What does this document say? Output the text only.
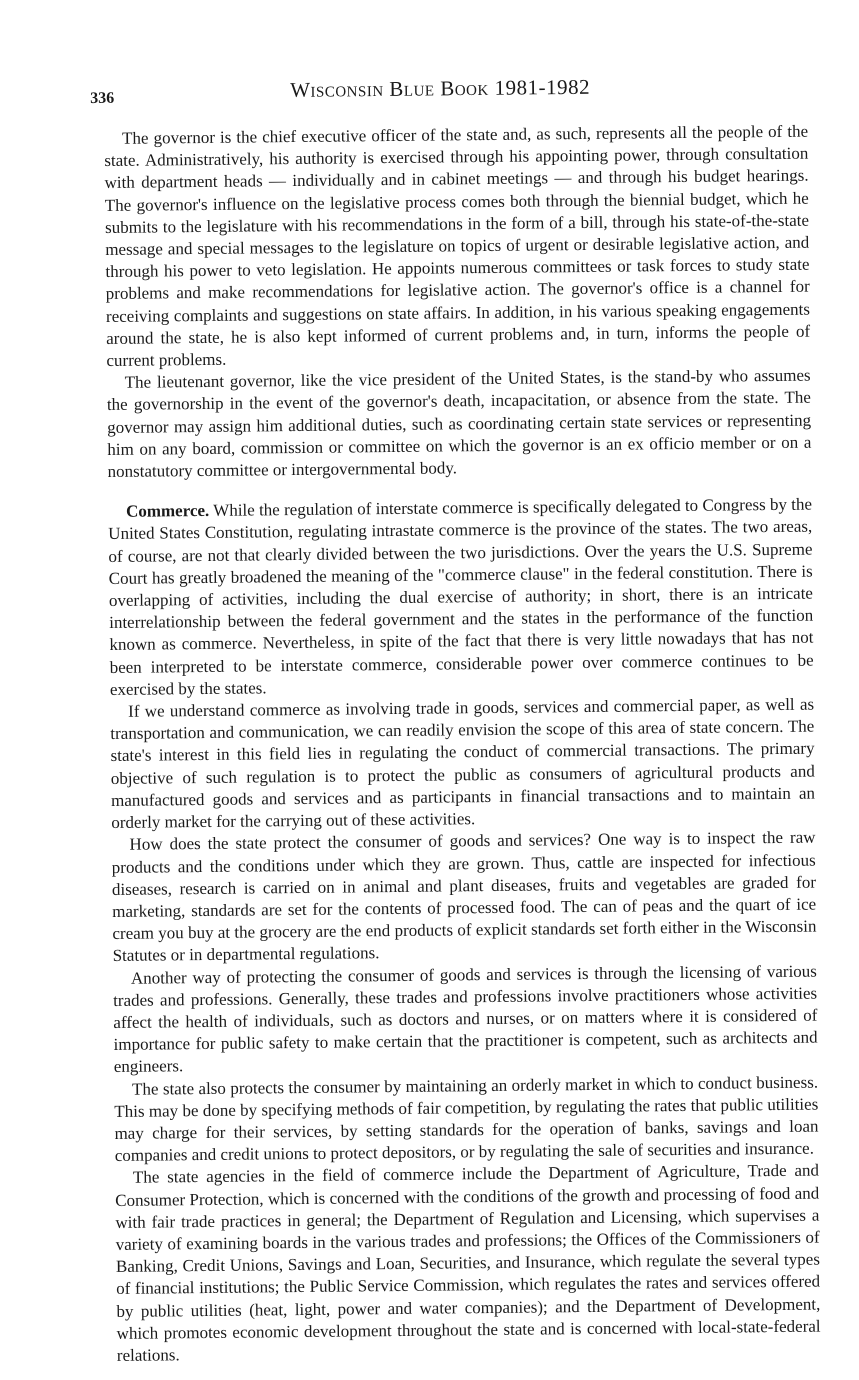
336	Wisconsin Blue Book 1981-1982

The governor is the chief executive officer of the state and, as such, represents all the people of the state. Administratively, his authority is exercised through his appointing power, through consultation with department heads — individually and in cabinet meetings — and through his budget hearings. The governor's influence on the legislative process comes both through the biennial budget, which he submits to the legislature with his recommendations in the form of a bill, through his state-of-the-state message and special messages to the legislature on topics of urgent or desirable legislative action, and through his power to veto legislation. He appoints numerous committees or task forces to study state problems and make recommendations for legislative action. The governor's office is a channel for receiving complaints and suggestions on state affairs. In addition, in his various speaking engagements around the state, he is also kept informed of current problems and, in turn, informs the people of current problems.

The lieutenant governor, like the vice president of the United States, is the stand-by who assumes the governorship in the event of the governor's death, incapacitation, or absence from the state. The governor may assign him additional duties, such as coordinating certain state services or representing him on any board, commission or committee on which the governor is an ex officio member or on a nonstatutory committee or intergovernmental body.

Commerce. While the regulation of interstate commerce is specifically delegated to Congress by the United States Constitution, regulating intrastate commerce is the province of the states. The two areas, of course, are not that clearly divided between the two jurisdictions. Over the years the U.S. Supreme Court has greatly broadened the meaning of the "commerce clause" in the federal constitution. There is overlapping of activities, including the dual exercise of authority; in short, there is an intricate interrelationship between the federal government and the states in the performance of the function known as commerce. Nevertheless, in spite of the fact that there is very little nowadays that has not been interpreted to be interstate commerce, considerable power over commerce continues to be exercised by the states.

If we understand commerce as involving trade in goods, services and commercial paper, as well as transportation and communication, we can readily envision the scope of this area of state concern. The state's interest in this field lies in regulating the conduct of commercial transactions. The primary objective of such regulation is to protect the public as consumers of agricultural products and manufactured goods and services and as participants in financial transactions and to maintain an orderly market for the carrying out of these activities.

How does the state protect the consumer of goods and services? One way is to inspect the raw products and the conditions under which they are grown. Thus, cattle are inspected for infectious diseases, research is carried on in animal and plant diseases, fruits and vegetables are graded for marketing, standards are set for the contents of processed food. The can of peas and the quart of ice cream you buy at the grocery are the end products of explicit standards set forth either in the Wisconsin Statutes or in departmental regulations.

Another way of protecting the consumer of goods and services is through the licensing of various trades and professions. Generally, these trades and professions involve practitioners whose activities affect the health of individuals, such as doctors and nurses, or on matters where it is considered of importance for public safety to make certain that the practitioner is competent, such as architects and engineers.

The state also protects the consumer by maintaining an orderly market in which to conduct business. This may be done by specifying methods of fair competition, by regulating the rates that public utilities may charge for their services, by setting standards for the operation of banks, savings and loan companies and credit unions to protect depositors, or by regulating the sale of securities and insurance.

The state agencies in the field of commerce include the Department of Agriculture, Trade and Consumer Protection, which is concerned with the conditions of the growth and processing of food and with fair trade practices in general; the Department of Regulation and Licensing, which supervises a variety of examining boards in the various trades and professions; the Offices of the Commissioners of Banking, Credit Unions, Savings and Loan, Securities, and Insurance, which regulate the several types of financial institutions; the Public Service Commission, which regulates the rates and services offered by public utilities (heat, light, power and water companies); and the Department of Development, which promotes economic development throughout the state and is concerned with local-state-federal relations.
